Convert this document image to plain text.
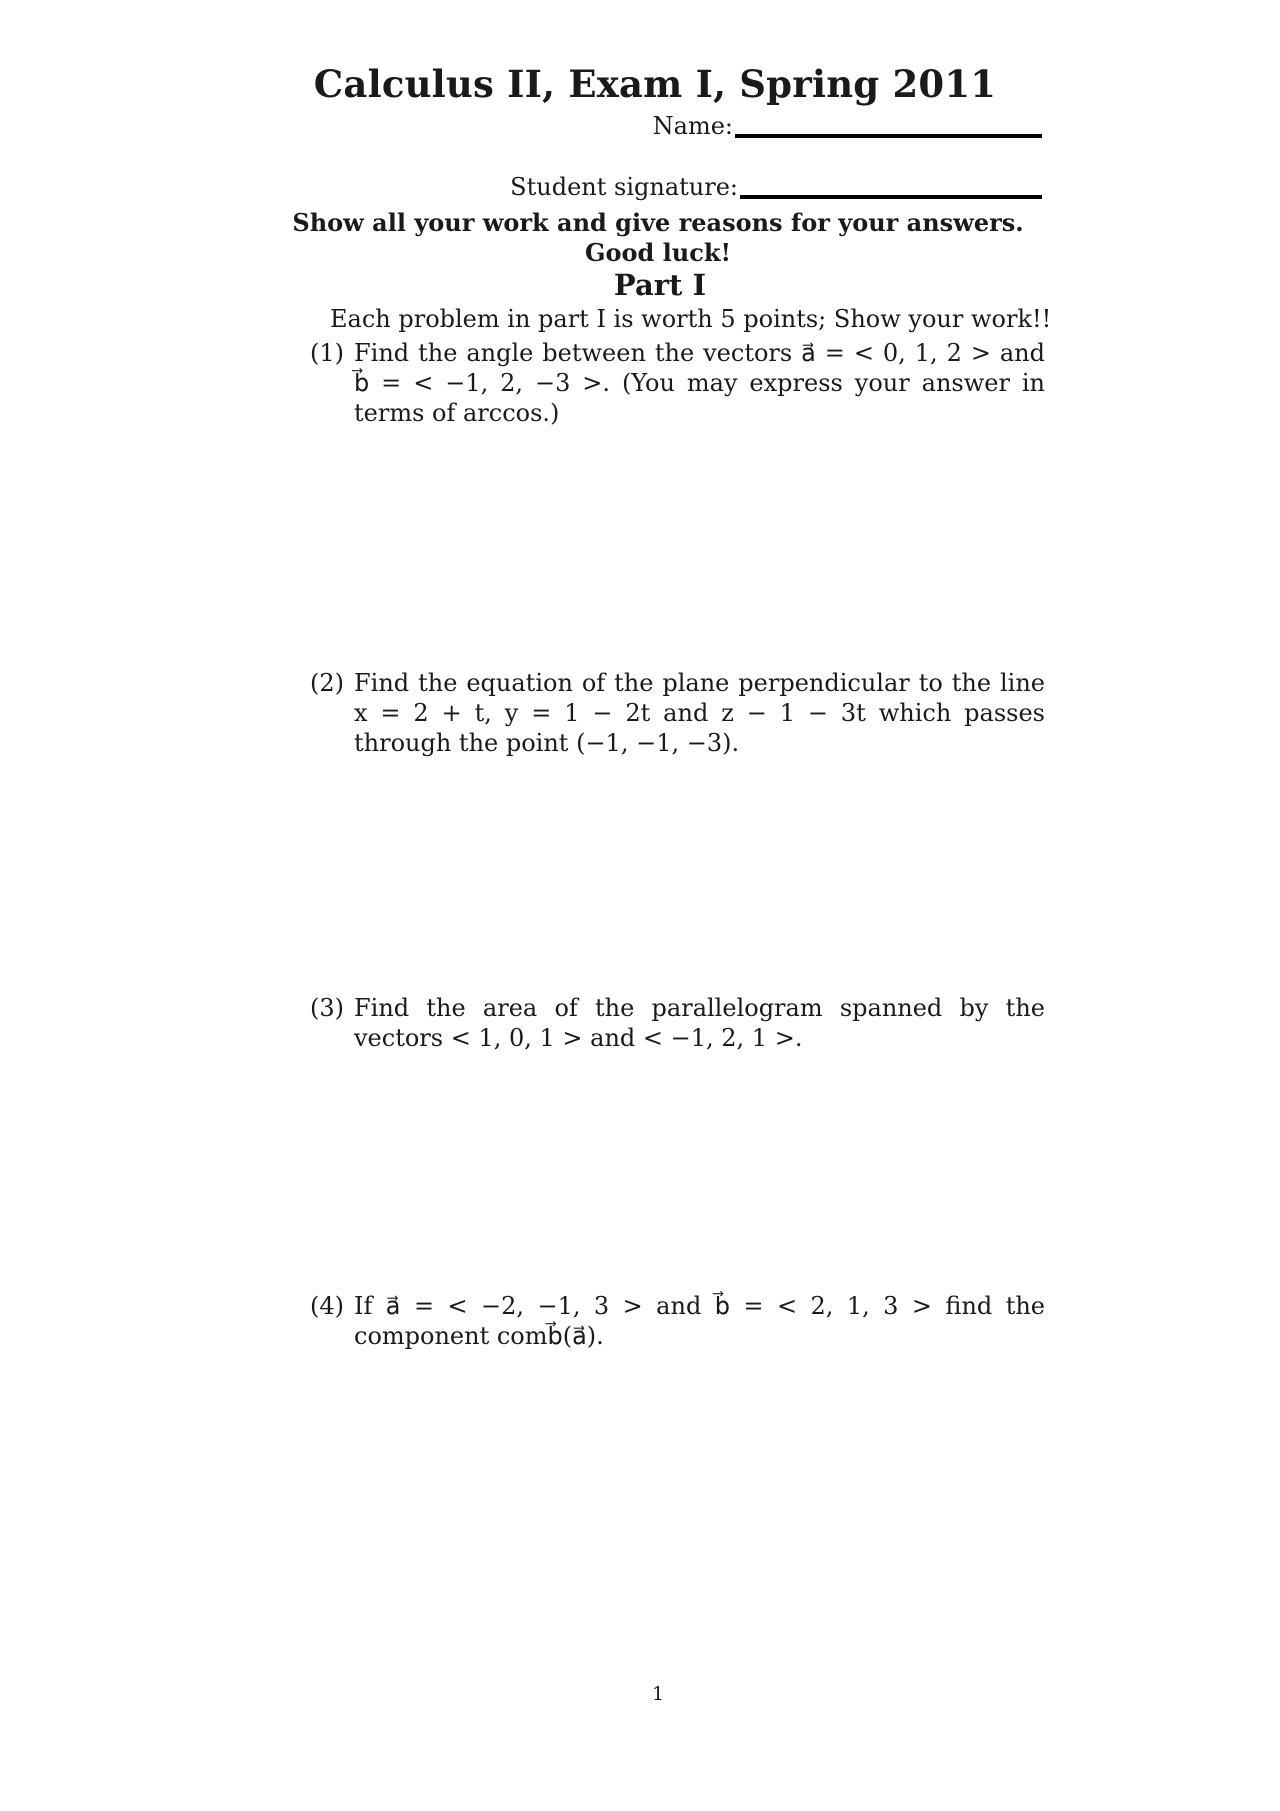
Calculus II, Exam I, Spring 2011
Name:
Student signature:
Show all your work and give reasons for your answers. Good luck!
Part I
Each problem in part I is worth 5 points; Show your work!!
(1) Find the angle between the vectors a⃗ = < 0, 1, 2 > and b⃗ = < −1, 2, −3 >. (You may express your answer in terms of arccos.)
(2) Find the equation of the plane perpendicular to the line x = 2 + t, y = 1 − 2t and z − 1 − 3t which passes through the point (−1, −1, −3).
(3) Find the area of the parallelogram spanned by the vectors < 1, 0, 1 > and < −1, 2, 1 >.
(4) If a⃗ = < −2, −1, 3 > and b⃗ = < 2, 1, 3 > find the component comb⃗(a⃗).
1
